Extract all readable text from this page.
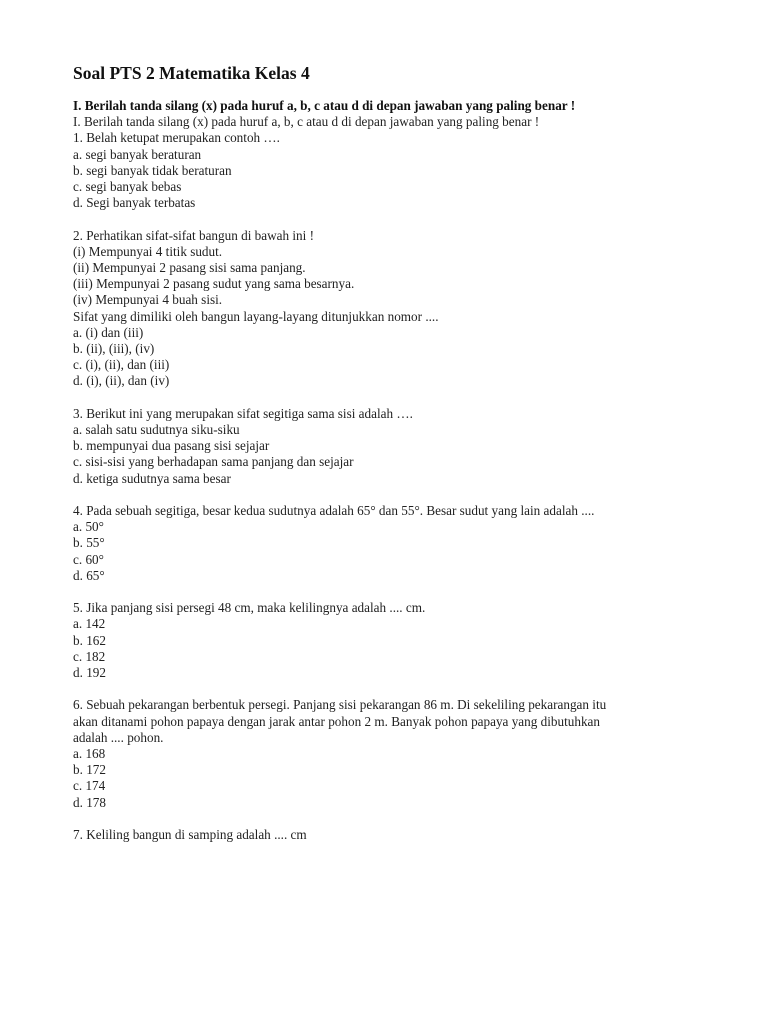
Soal PTS 2 Matematika Kelas 4
I. Berilah tanda silang (x) pada huruf a, b, c atau d di depan jawaban yang paling benar !
I. Berilah tanda silang (x) pada huruf a, b, c atau d di depan jawaban yang paling benar !
1. Belah ketupat merupakan contoh ….
a. segi banyak beraturan
b. segi banyak tidak beraturan
c. segi banyak bebas
d. Segi banyak terbatas
2. Perhatikan sifat-sifat bangun di bawah ini !
(i) Mempunyai 4 titik sudut.
(ii) Mempunyai 2 pasang sisi sama panjang.
(iii) Mempunyai 2 pasang sudut yang sama besarnya.
(iv) Mempunyai 4 buah sisi.
Sifat yang dimiliki oleh bangun layang-layang ditunjukkan nomor ....
a. (i) dan (iii)
b. (ii), (iii), (iv)
c. (i), (ii), dan (iii)
d. (i), (ii), dan (iv)
3. Berikut ini yang merupakan sifat segitiga sama sisi adalah ….
a. salah satu sudutnya siku-siku
b. mempunyai dua pasang sisi sejajar
c. sisi-sisi yang berhadapan sama panjang dan sejajar
d. ketiga sudutnya sama besar
4. Pada sebuah segitiga, besar kedua sudutnya adalah 65° dan 55°. Besar sudut yang lain adalah ....
a. 50°
b. 55°
c. 60°
d. 65°
5. Jika panjang sisi persegi 48 cm, maka kelilingnya adalah .... cm.
a. 142
b. 162
c. 182
d. 192
6. Sebuah pekarangan berbentuk persegi. Panjang sisi pekarangan 86 m. Di sekeliling pekarangan itu
akan ditanami pohon papaya dengan jarak antar pohon 2 m. Banyak pohon papaya yang dibutuhkan
adalah .... pohon.
a. 168
b. 172
c. 174
d. 178
7. Keliling bangun di samping adalah .... cm
